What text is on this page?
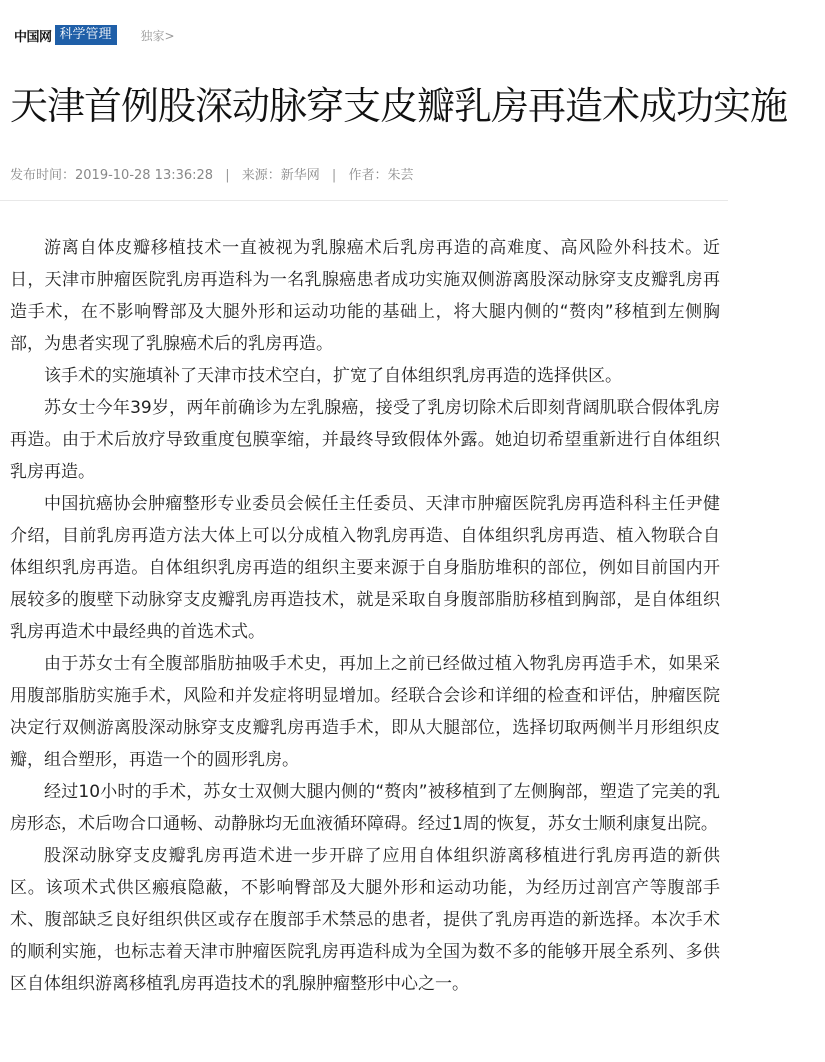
中国网 科学管理	独家>
天津首例股深动脉穿支皮瓣乳房再造术成功实施
发布时间：2019-10-28 13:36:28 | 来源：新华网 | 作者：朱芸

游离自体皮瓣移植技术一直被视为乳腺癌术后乳房再造的高难度、高风险外科技术。近日，天津市肿瘤医院乳房再造科为一名乳腺癌患者成功实施双侧游离股深动脉穿支皮瓣乳房再造手术，在不影响臀部及大腿外形和运动功能的基础上，将大腿内侧的“赘肉”移植到左侧胸部，为患者实现了乳腺癌术后的乳房再造。

该手术的实施填补了天津市技术空白，扩宽了自体组织乳房再造的选择供区。

苏女士今年39岁，两年前确诊为左乳腺癌，接受了乳房切除术后即刻背阔肌联合假体乳房再造。由于术后放疗导致重度包膜挛缩，并最终导致假体外露。她迫切希望重新进行自体组织乳房再造。

中国抗癌协会肿瘤整形专业委员会候任主任委员、天津市肿瘤医院乳房再造科科主任尹健介绍，目前乳房再造方法大体上可以分成植入物乳房再造、自体组织乳房再造、植入物联合自体组织乳房再造。自体组织乳房再造的组织主要来源于自身脂肪堆积的部位，例如目前国内开展较多的腹壁下动脉穿支皮瓣乳房再造技术，就是采取自身腹部脂肪移植到胸部，是自体组织乳房再造术中最经典的首选术式。

由于苏女士有全腹部脂肪抽吸手术史，再加上之前已经做过植入物乳房再造手术，如果采用腹部脂肪实施手术，风险和并发症将明显增加。经联合会诊和详细的检查和评估，肿瘤医院决定行双侧游离股深动脉穿支皮瓣乳房再造手术，即从大腿部位，选择切取两侧半月形组织皮瓣，组合塑形，再造一个的圆形乳房。

经过10小时的手术，苏女士双侧大腿内侧的“赘肉”被移植到了左侧胸部，塑造了完美的乳房形态，术后吻合口通畅、动静脉均无血液循环障碍。经过1周的恢复，苏女士顺利康复出院。

股深动脉穿支皮瓣乳房再造术进一步开辟了应用自体组织游离移植进行乳房再造的新供区。该项术式供区瘢痕隐蔽，不影响臀部及大腿外形和运动功能，为经历过剖宫产等腹部手术、腹部缺乏良好组织供区或存在腹部手术禁忌的患者，提供了乳房再造的新选择。本次手术的顺利实施，也标志着天津市肿瘤医院乳房再造科成为全国为数不多的能够开展全系列、多供区自体组织游离移植乳房再造技术的乳腺肿瘤整形中心之一。
